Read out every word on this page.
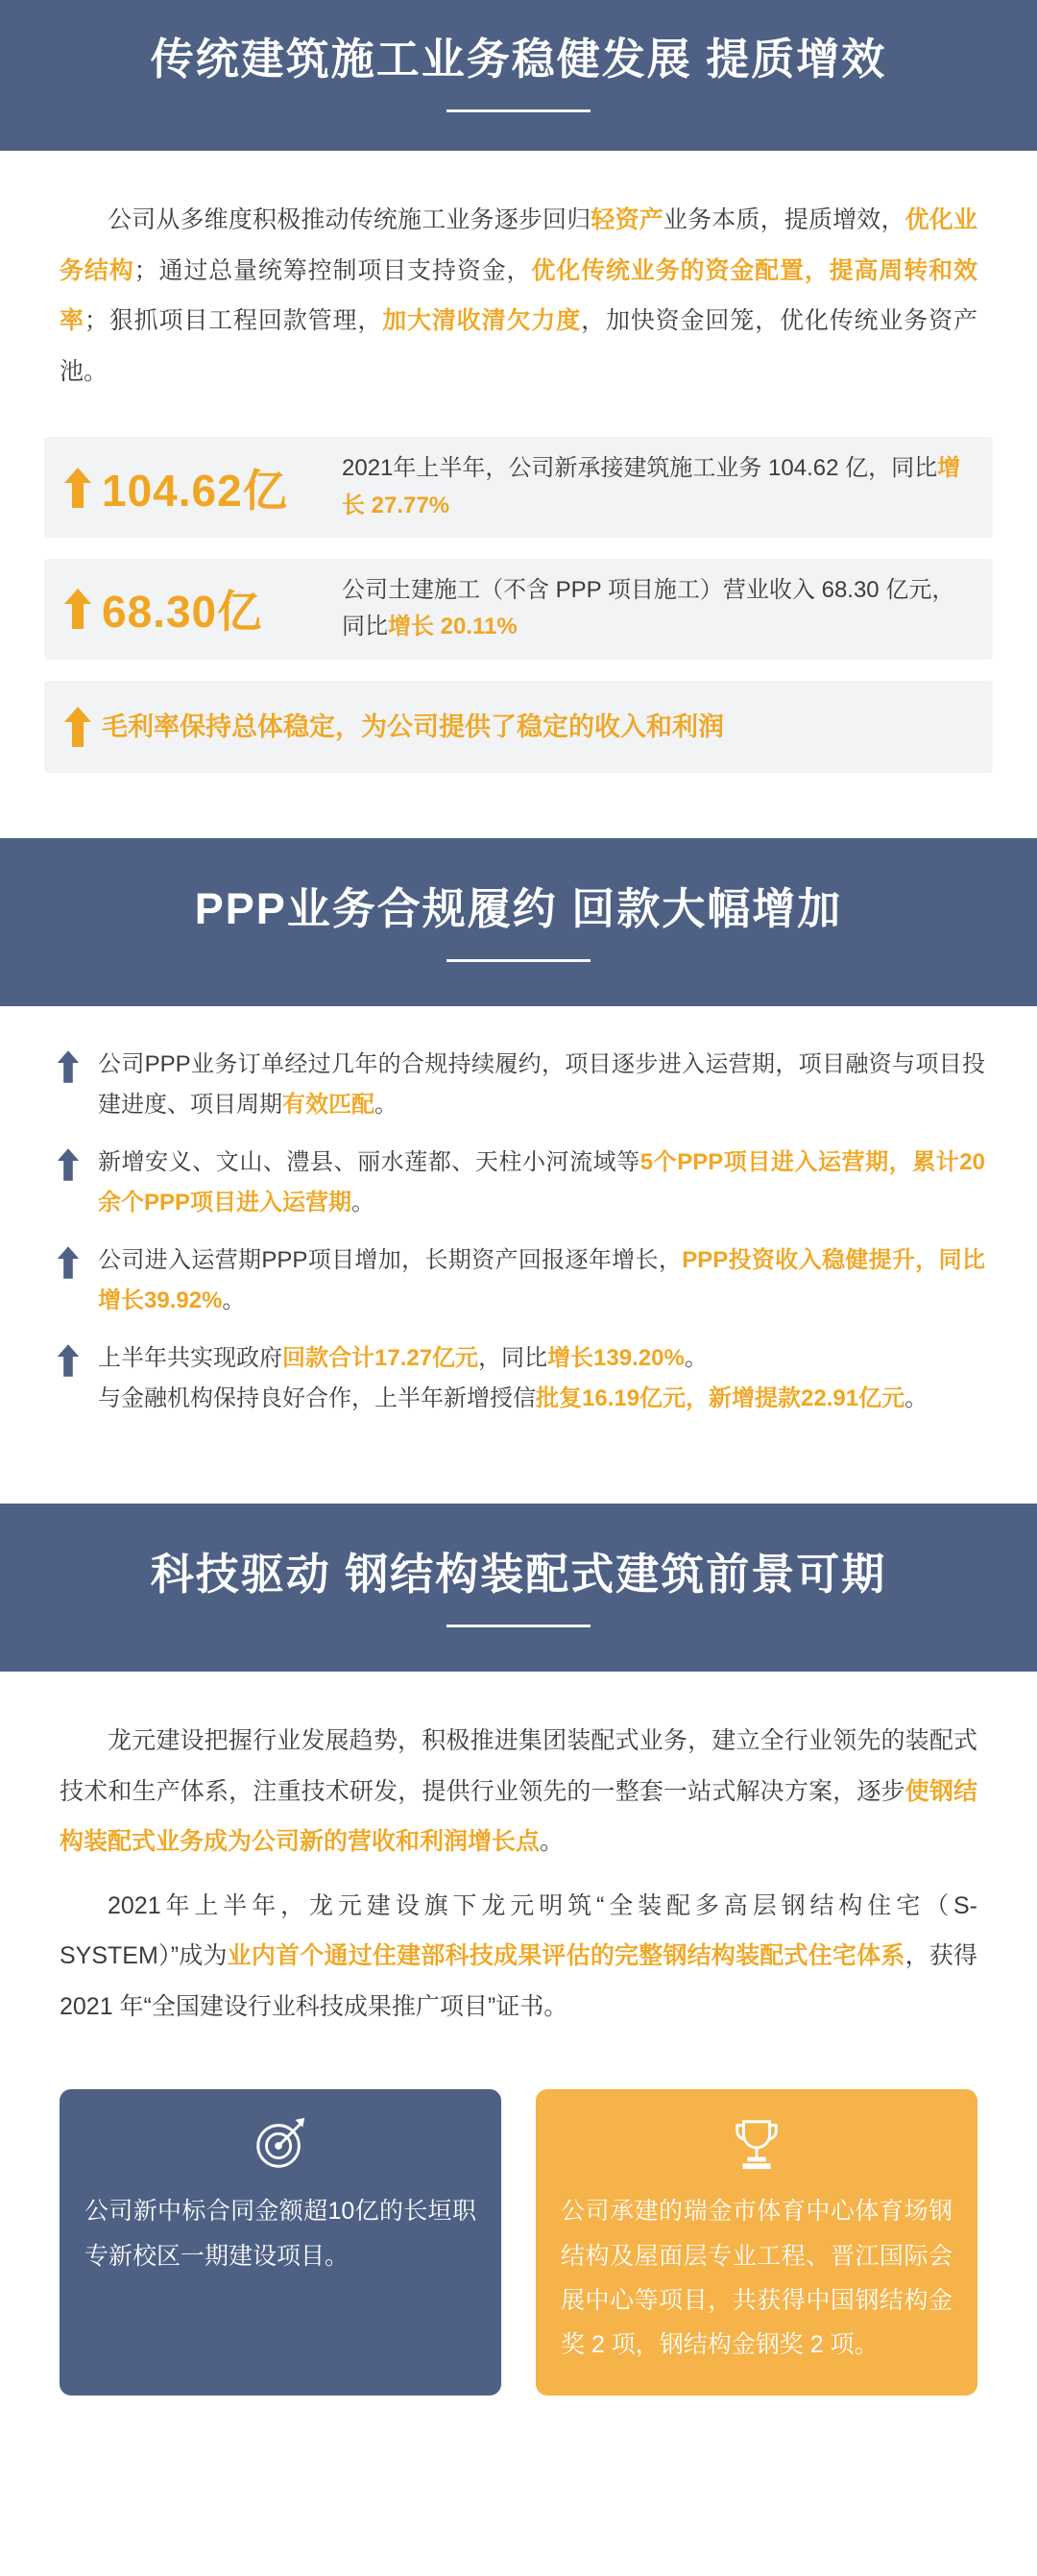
传统建筑施工业务稳健发展 提质增效

公司从多维度积极推动传统施工业务逐步回归轻资产业务本质，提质增效，优化业务结构；通过总量统筹控制项目支持资金，优化传统业务的资金配置，提高周转和效率；狠抓项目工程回款管理，加大清收清欠力度，加快资金回笼，优化传统业务资产池。

104.62亿	2021年上半年，公司新承接建筑施工业务 104.62 亿，同比增长 27.77%
68.30亿	公司土建施工（不含 PPP 项目施工）营业收入 68.30 亿元，同比增长 20.11%
毛利率保持总体稳定，为公司提供了稳定的收入和利润
PPP业务合规履约 回款大幅增加
公司PPP业务订单经过几年的合规持续履约，项目逐步进入运营期，项目融资与项目投建进度、项目周期有效匹配。
新增安义、文山、澧县、丽水莲都、天柱小河流域等5个PPP项目进入运营期，累计20余个PPP项目进入运营期。
公司进入运营期PPP项目增加，长期资产回报逐年增长，PPP投资收入稳健提升，同比增长39.92%。
上半年共实现政府回款合计17.27亿元，同比增长139.20%。
与金融机构保持良好合作，上半年新增授信批复16.19亿元，新增提款22.91亿元。
科技驱动 钢结构装配式建筑前景可期

龙元建设把握行业发展趋势，积极推进集团装配式业务，建立全行业领先的装配式技术和生产体系，注重技术研发，提供行业领先的一整套一站式解决方案，逐步使钢结构装配式业务成为公司新的营收和利润增长点。

2021年上半年，龙元建设旗下龙元明筑“全装配多高层钢结构住宅（S-SYSTEM）”成为业内首个通过住建部科技成果评估的完整钢结构装配式住宅体系，获得 2021 年“全国建设行业科技成果推广项目”证书。

公司新中标合同金额超10亿的长垣职专新校区一期建设项目。
公司承建的瑞金市体育中心体育场钢结构及屋面层专业工程、晋江国际会展中心等项目，共获得中国钢结构金奖 2 项，钢结构金钢奖 2 项。
